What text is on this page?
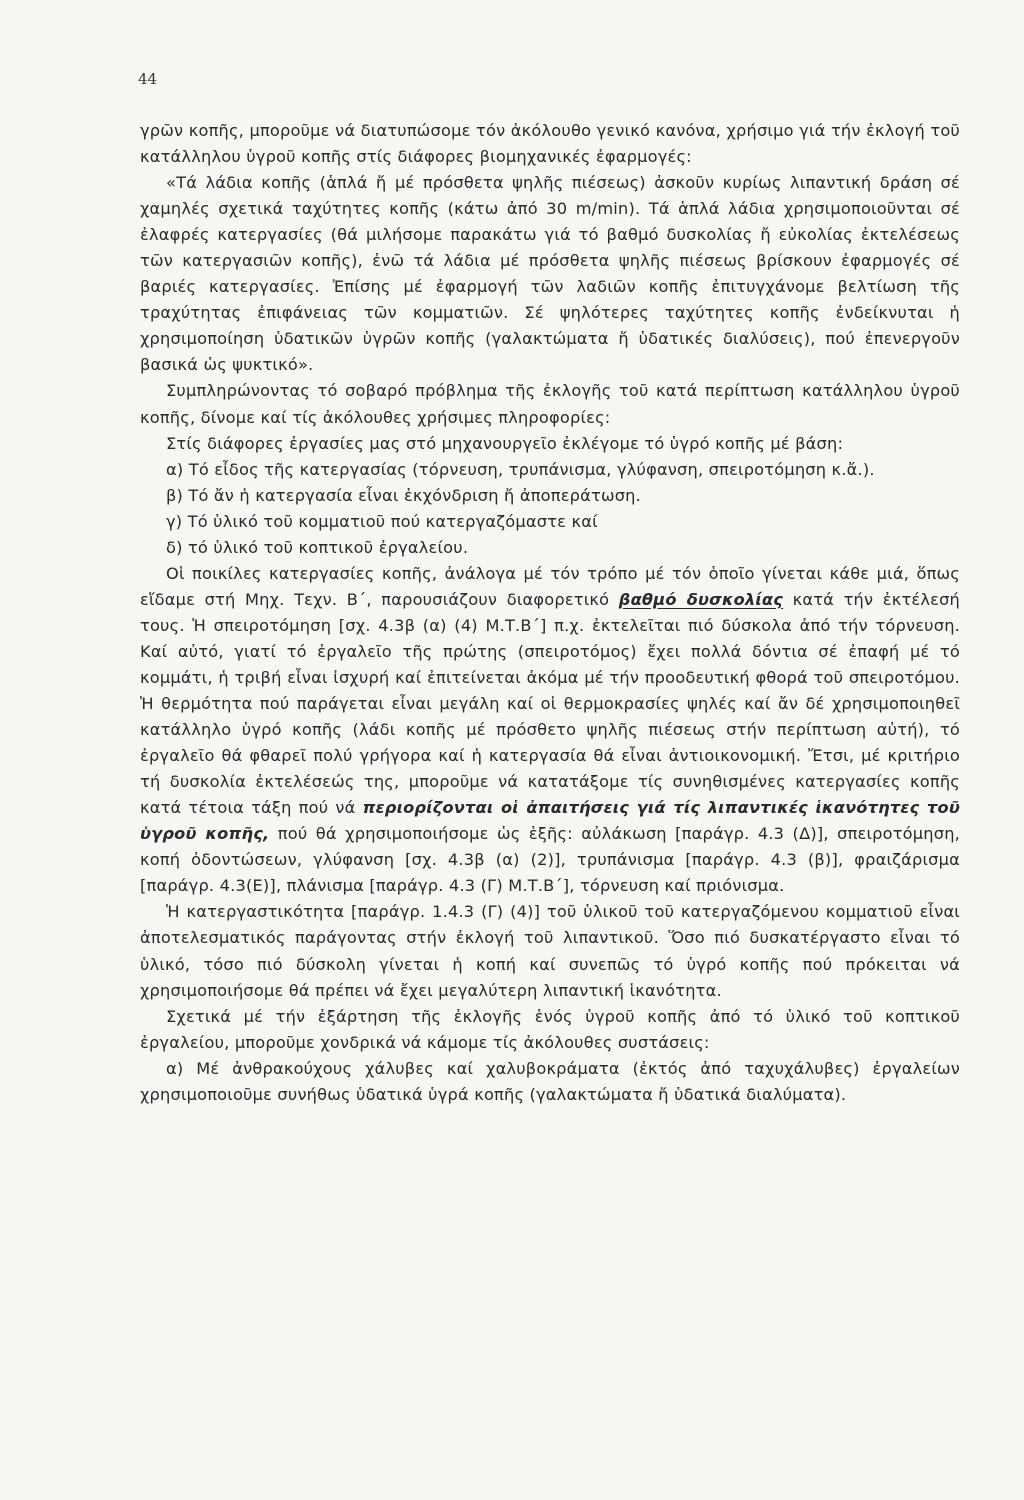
44

γρῶν κοπῆς, μποροῦμε νά διατυπώσομε τόν ἀκόλουθο γενικό κανόνα, χρήσιμο γιά τήν ἐκλογή τοῦ κατάλληλου ὑγροῦ κοπῆς στίς διάφορες βιομηχανικές ἐφαρμογές:

«Τά λάδια κοπῆς (ἁπλά ἤ μέ πρόσθετα ψηλῆς πιέσεως) ἀσκοῦν κυρίως λιπαντική δράση σέ χαμηλές σχετικά ταχύτητες κοπῆς (κάτω ἀπό 30 m/min). Τά ἁπλά λάδια χρησιμοποιοῦνται σέ ἐλαφρές κατεργασίες (θά μιλήσομε παρακάτω γιά τό βαθμό δυσκολίας ἤ εὐκολίας ἐκτελέσεως τῶν κατεργασιῶν κοπῆς), ἐνῶ τά λάδια μέ πρόσθετα ψηλῆς πιέσεως βρίσκουν ἐφαρμογές σέ βαριές κατεργασίες. Ἐπίσης μέ ἐφαρμογή τῶν λαδιῶν κοπῆς ἐπιτυγχάνομε βελτίωση τῆς τραχύτητας ἐπιφάνειας τῶν κομματιῶν. Σέ ψηλότερες ταχύτητες κοπῆς ἐνδείκνυται ἡ χρησιμοποίηση ὑδατικῶν ὑγρῶν κοπῆς (γαλακτώματα ἤ ὑδατικές διαλύσεις), πού ἐπενεργοῦν βασικά ὡς ψυκτικό».

Συμπληρώνοντας τό σοβαρό πρόβλημα τῆς ἐκλογῆς τοῦ κατά περίπτωση κατάλληλου ὑγροῦ κοπῆς, δίνομε καί τίς ἀκόλουθες χρήσιμες πληροφορίες:

Στίς διάφορες ἐργασίες μας στό μηχανουργεῖο ἐκλέγομε τό ὑγρό κοπῆς μέ βάση:

α) Τό εἶδος τῆς κατεργασίας (τόρνευση, τρυπάνισμα, γλύφανση, σπειροτόμηση κ.ἄ.).

β) Τό ἄν ἡ κατεργασία εἶναι ἐκχόνδριση ἤ ἀποπεράτωση.

γ) Τό ὑλικό τοῦ κομματιοῦ πού κατεργαζόμαστε καί

δ) τό ὑλικό τοῦ κοπτικοῦ ἐργαλείου.

Οἱ ποικίλες κατεργασίες κοπῆς, ἀνάλογα μέ τόν τρόπο μέ τόν ὁποῖο γίνεται κάθε μιά, ὅπως εἴδαμε στή Μηχ. Τεχν. Β΄, παρουσιάζουν διαφορετικό βαθμό δυσκολίας κατά τήν ἐκτέλεσή τους. Ἡ σπειροτόμηση [σχ. 4.3β (α) (4) Μ.Τ.Β΄] π.χ. ἐκτελεῖται πιό δύσκολα ἀπό τήν τόρνευση. Καί αὐτό, γιατί τό ἐργαλεῖο τῆς πρώτης (σπειροτόμος) ἔχει πολλά δόντια σέ ἐπαφή μέ τό κομμάτι, ἡ τριβή εἶναι ἰσχυρή καί ἐπιτείνεται ἀκόμα μέ τήν προοδευτική φθορά τοῦ σπειροτόμου. Ἡ θερμότητα πού παράγεται εἶναι μεγάλη καί οἱ θερμοκρασίες ψηλές καί ἄν δέ χρησιμοποιηθεῖ κατάλληλο ὑγρό κοπῆς (λάδι κοπῆς μέ πρόσθετο ψηλῆς πιέσεως στήν περίπτωση αὐτή), τό ἐργαλεῖο θά φθαρεῖ πολύ γρήγορα καί ἡ κατεργασία θά εἶναι ἀντιοικονομική. Ἔτσι, μέ κριτήριο τή δυσκολία ἐκτελέσεώς της, μποροῦμε νά κατατάξομε τίς συνηθισμένες κατεργασίες κοπῆς κατά τέτοια τάξη πού νά περιορίζονται οἱ ἀπαιτήσεις γιά τίς λιπαντικές ἱκανότητες τοῦ ὑγροῦ κοπῆς, πού θά χρησιμοποιήσομε ὡς ἑξῆς: αὐλάκωση [παράγρ. 4.3 (Δ)], σπειροτόμηση, κοπή ὀδοντώσεων, γλύφανση [σχ. 4.3β (α) (2)], τρυπάνισμα [παράγρ. 4.3 (β)], φραιζάρισμα [παράγρ. 4.3(Ε)], πλάνισμα [παράγρ. 4.3 (Γ) Μ.Τ.Β΄], τόρνευση καί πριόνισμα.

Ἡ κατεργαστικότητα [παράγρ. 1.4.3 (Γ) (4)] τοῦ ὑλικοῦ τοῦ κατεργαζόμενου κομματιοῦ εἶναι ἀποτελεσματικός παράγοντας στήν ἐκλογή τοῦ λιπαντικοῦ. Ὅσο πιό δυσκατέργαστο εἶναι τό ὑλικό, τόσο πιό δύσκολη γίνεται ἡ κοπή καί συνεπῶς τό ὑγρό κοπῆς πού πρόκειται νά χρησιμοποιήσομε θά πρέπει νά ἔχει μεγαλύτερη λιπαντική ἱκανότητα.

Σχετικά μέ τήν ἐξάρτηση τῆς ἐκλογῆς ἑνός ὑγροῦ κοπῆς ἀπό τό ὑλικό τοῦ κοπτικοῦ ἐργαλείου, μποροῦμε χονδρικά νά κάμομε τίς ἀκόλουθες συστάσεις:

α) Μέ ἀνθρακούχους χάλυβες καί χαλυβοκράματα (ἐκτός ἀπό ταχυχάλυβες) ἐργαλείων χρησιμοποιοῦμε συνήθως ὑδατικά ὑγρά κοπῆς (γαλακτώματα ἤ ὑδατικά διαλύματα).
